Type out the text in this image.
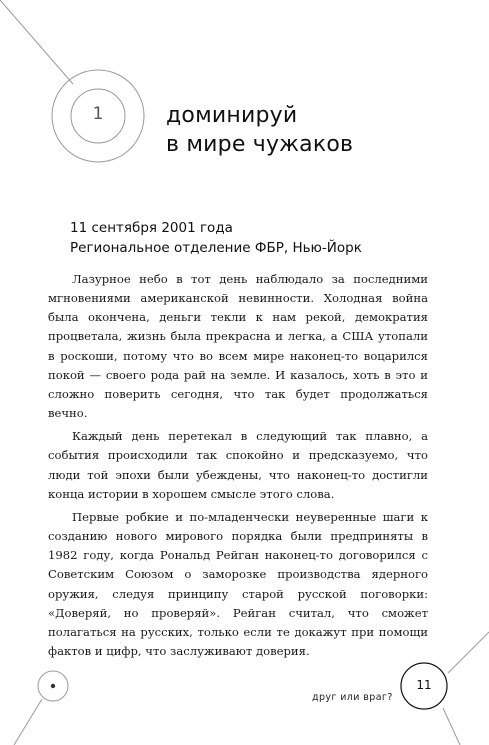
1	доминируй
в мире чужаков
11 сентября 2001 года
Региональное отделение ФБР, Нью-Йорк

Лазурное небо в тот день наблюдало за последними мгновениями американской невинности. Холодная война была окончена, деньги текли к нам рекой, демократия процветала, жизнь была прекрасна и легка, а США утопали в роскоши, потому что во всем мире наконец-то воцарился покой — своего рода рай на земле. И казалось, хоть в это и сложно поверить сегодня, что так будет продолжаться вечно.

Каждый день перетекал в следующий так плавно, а события происходили так спокойно и предсказуемо, что люди той эпохи были убеждены, что наконец-то достигли конца истории в хорошем смысле этого слова.

Первые робкие и по-младенчески неуверенные шаги к созданию нового мирового порядка были предприняты в 1982 году, когда Рональд Рейган наконец-то договорился с Советским Союзом о заморозке производства ядерного оружия, следуя принципу старой русской поговорки: «Доверяй, но проверяй». Рейган считал, что сможет полагаться на русских, только если те докажут при помощи фактов и цифр, что заслуживают доверия.

друг или враг?
11
